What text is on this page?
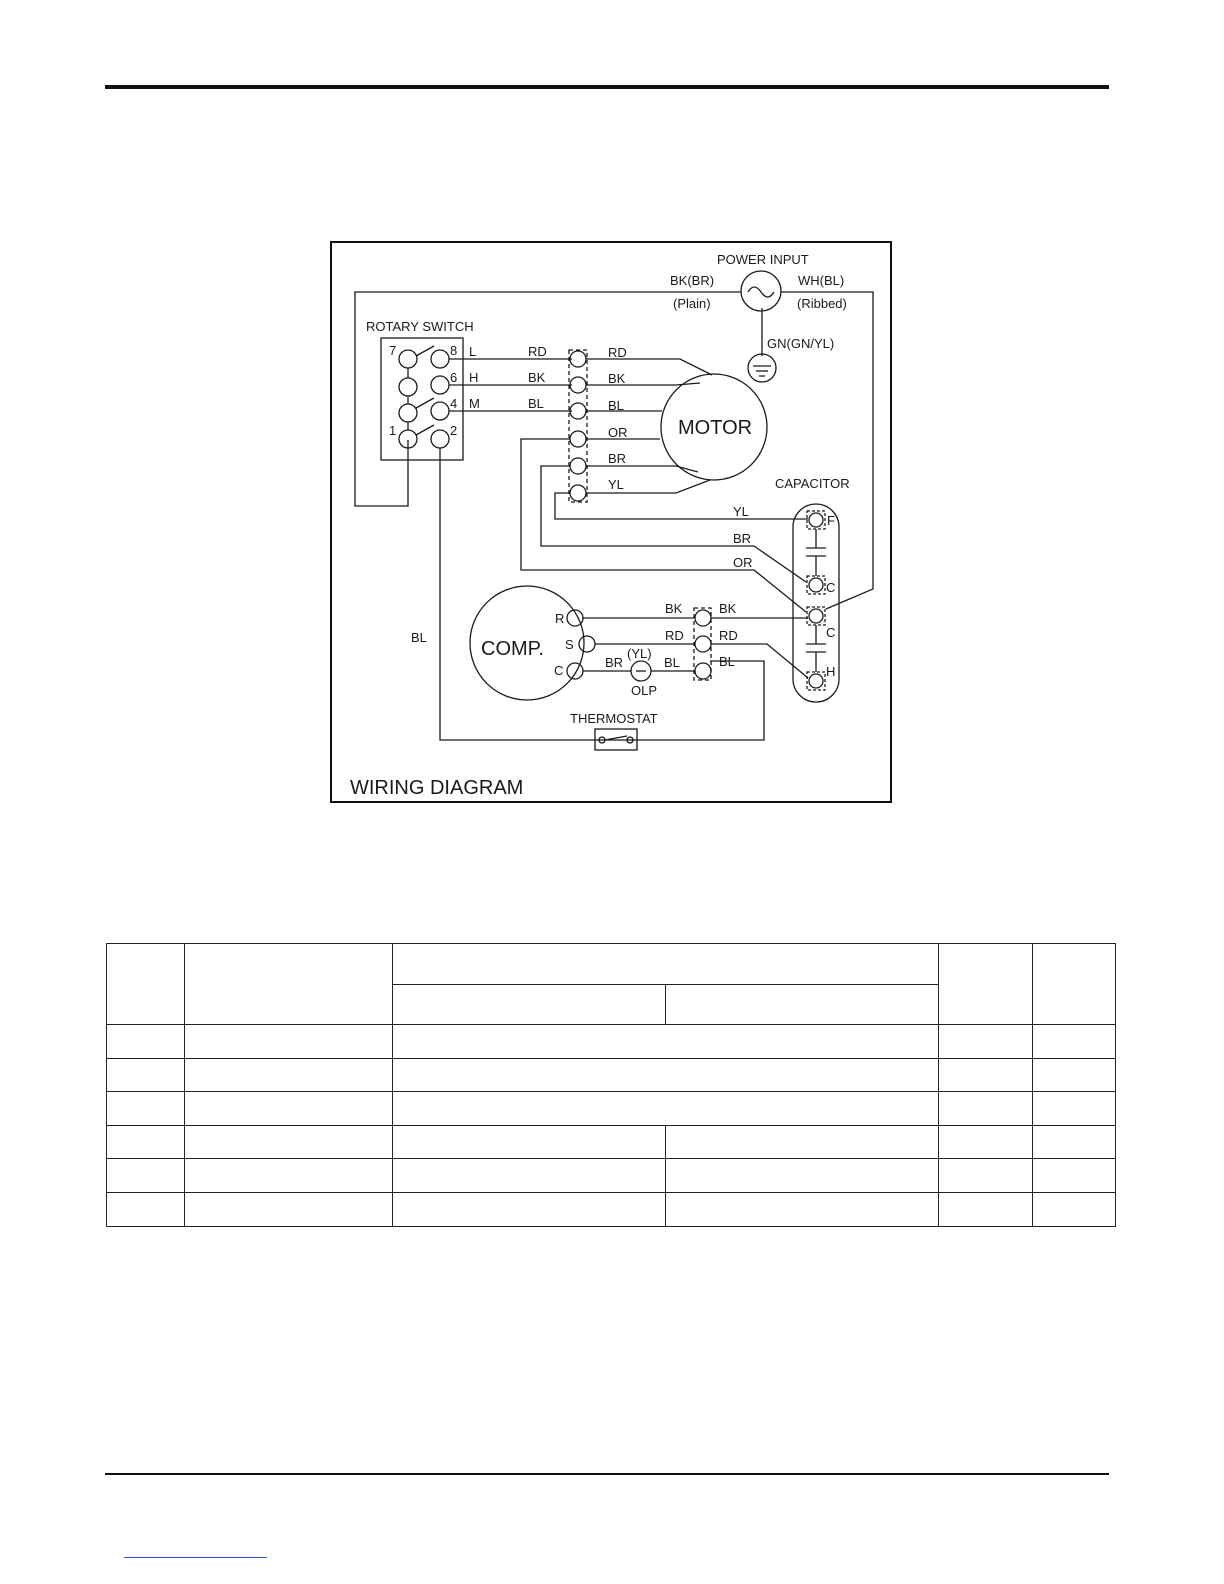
POWER INPUT
BK(BR)
(Plain)
WH(BL)
(Ribbed)
GN(GN/YL)
ROTARY SWITCH
7	8
6
4
1	2
L
H
M
RD
BK
BL
RD
BK
BL
OR
BR
YL
MOTOR
CAPACITOR
YL
BR
OR
F
C
C
H
COMP.
R
S
C
BK
RD
BK
RD
BL
BR
(YL)
BL
OLP
BL
THERMOSTAT
WIRING DIAGRAM
